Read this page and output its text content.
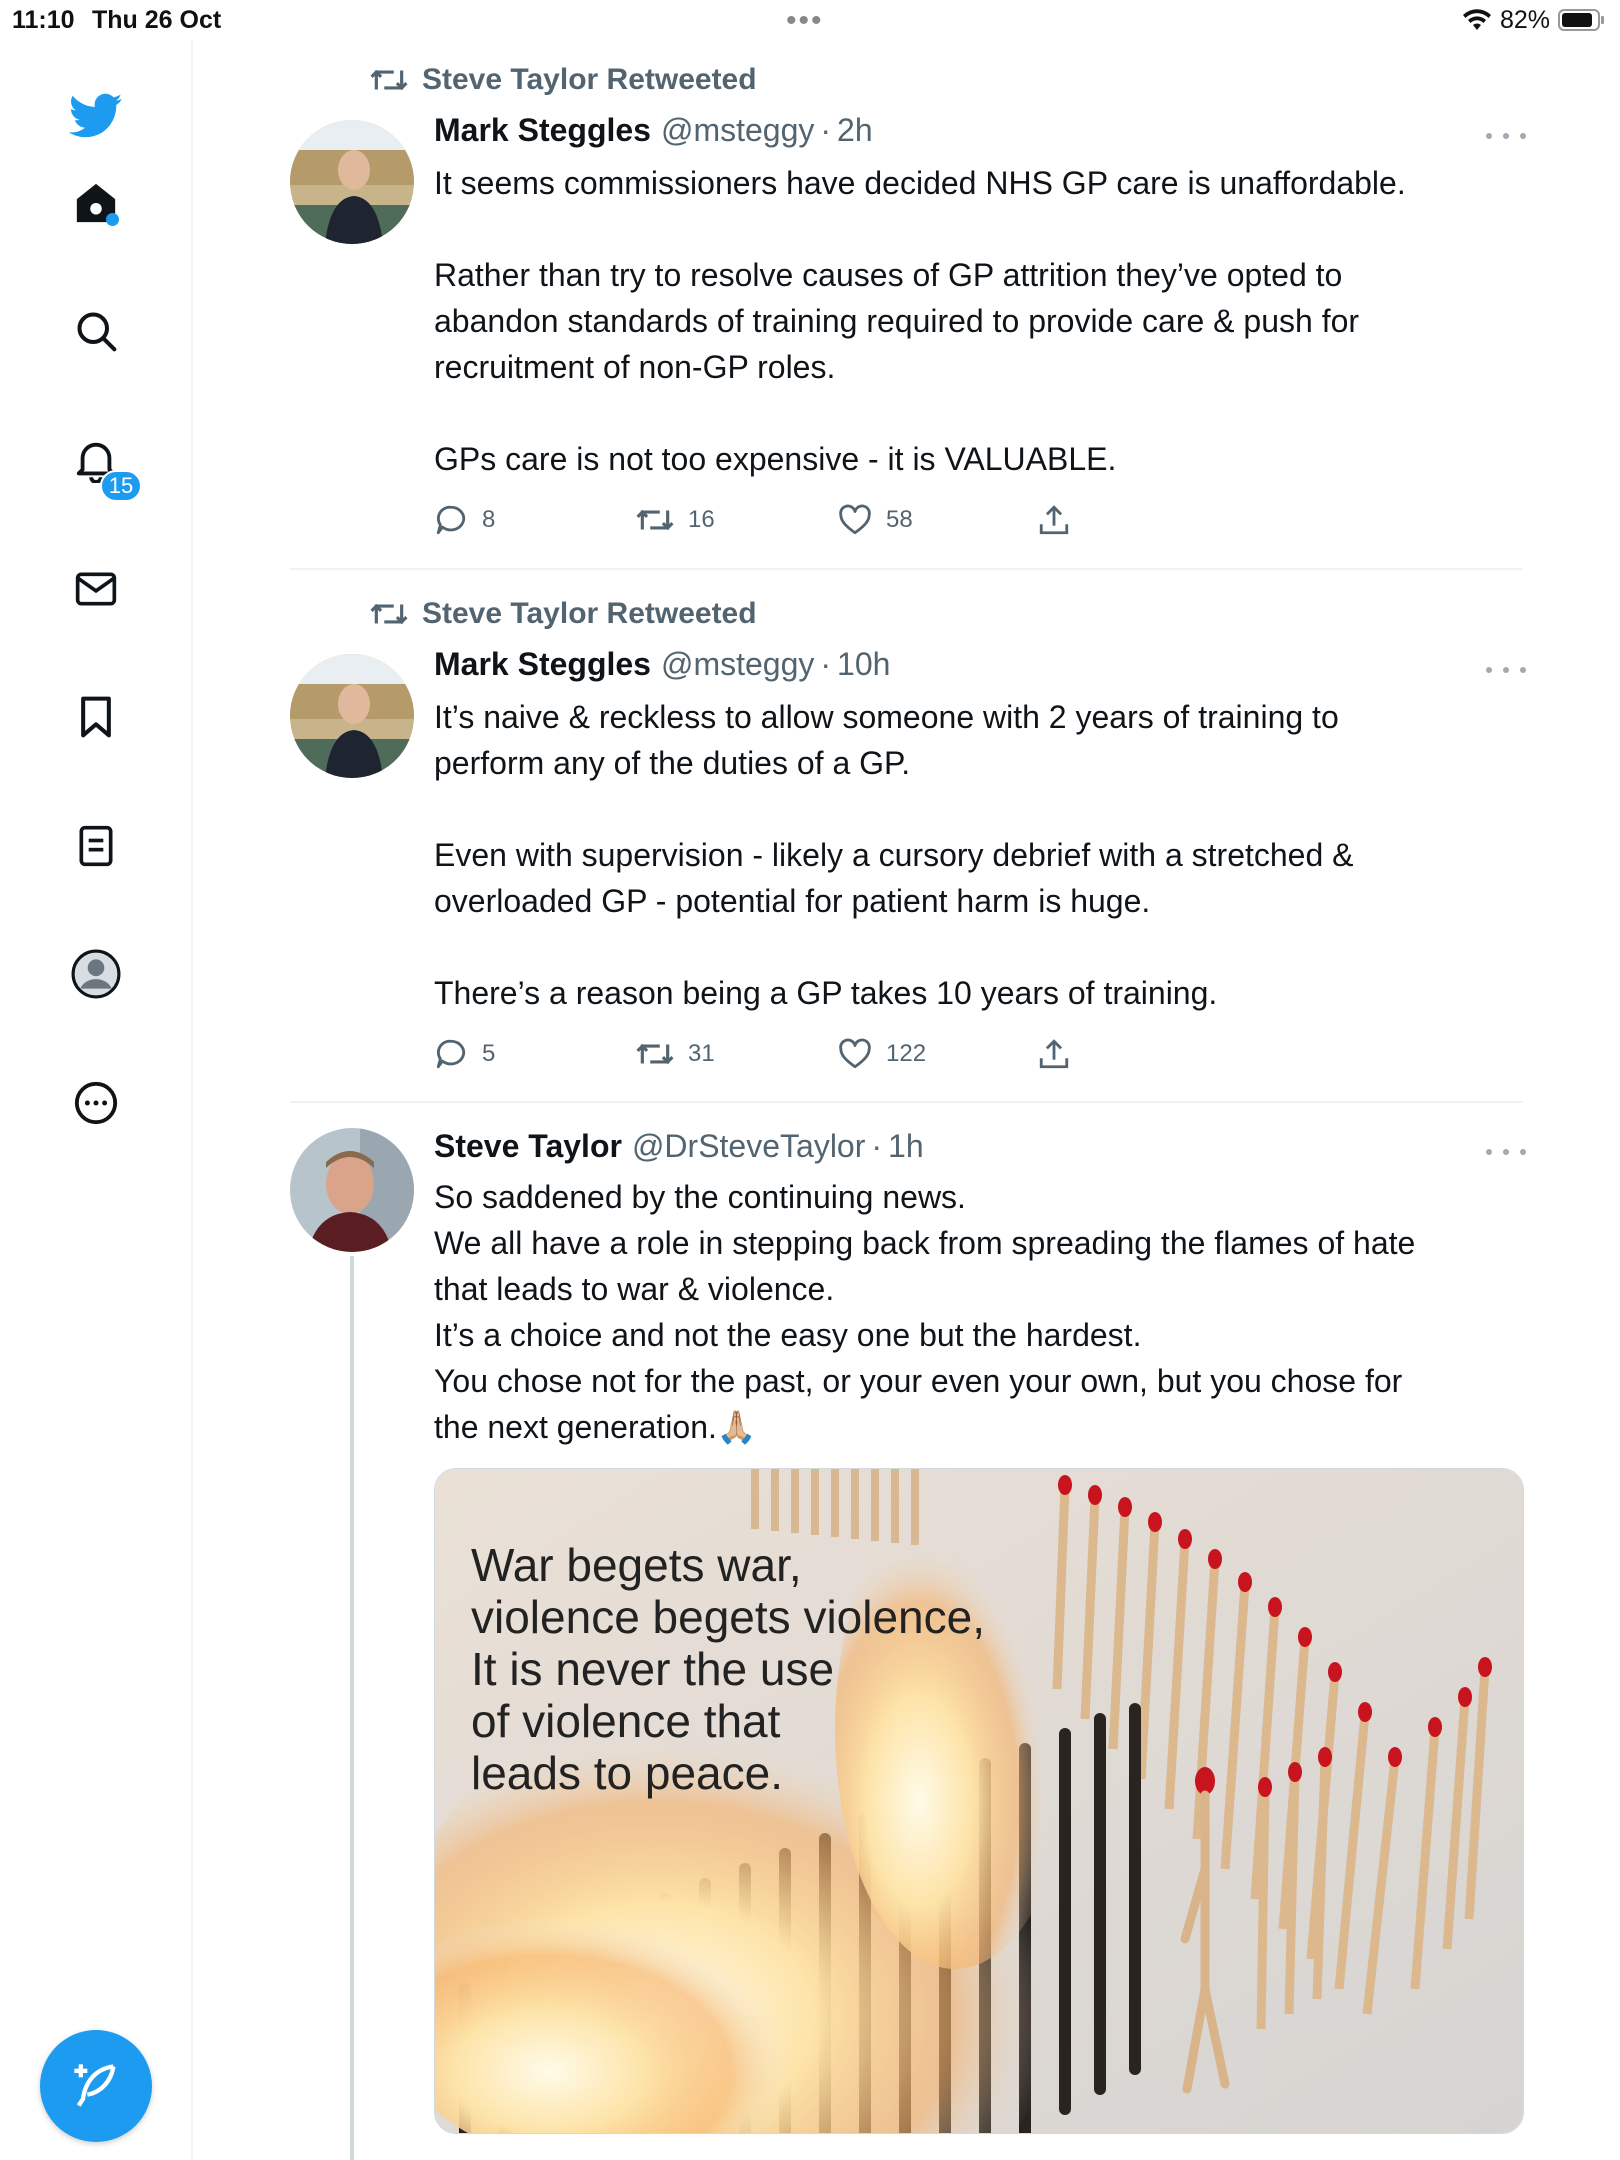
11:10 Thu 26 Oct	•••	82%
15
Steve Taylor Retweeted
Mark Steggles @msteggy · 2h

It seems commissioners have decided NHS GP care is unaffordable.

Rather than try to resolve causes of GP attrition they’ve opted to

abandon standards of training required to provide care & push for

recruitment of non-GP roles.

GPs care is not too expensive - it is VALUABLE.

8	16	58
Steve Taylor Retweeted
Mark Steggles @msteggy · 10h

It’s naive & reckless to allow someone with 2 years of training to

perform any of the duties of a GP.

Even with supervision - likely a cursory debrief with a stretched &

overloaded GP - potential for patient harm is huge.

There’s a reason being a GP takes 10 years of training.

5	31	122
Steve Taylor @DrSteveTaylor · 1h

So saddened by the continuing news.

We all have a role in stepping back from spreading the flames of hate

that leads to war & violence.

It’s a choice and not the easy one but the hardest.

You chose not for the past, or your even your own, but you chose for

the next generation.🙏🏼

War begets war,
violence begets violence,
It is never the use
of violence that
leads to peace.
